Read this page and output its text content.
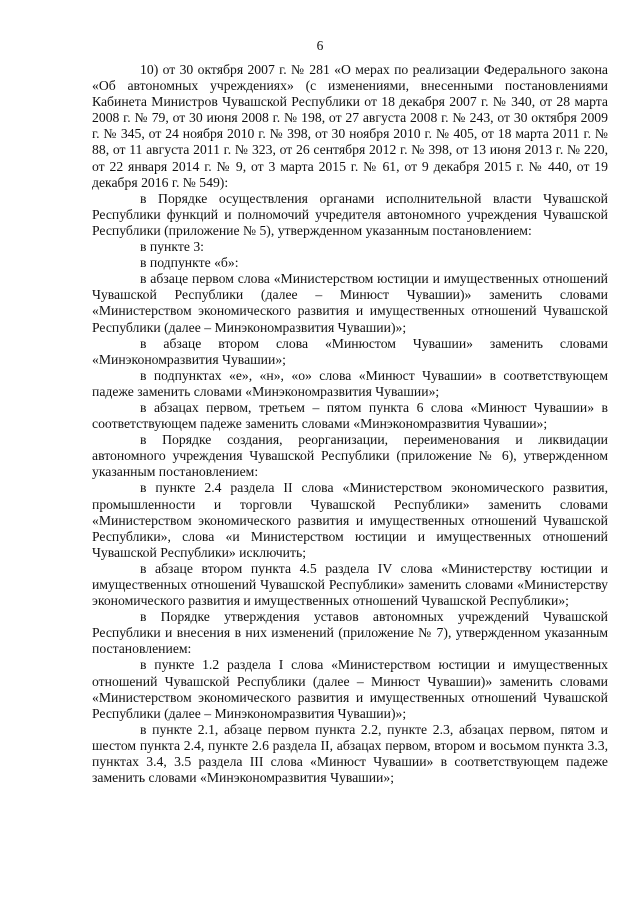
6

10) от 30 октября 2007 г. № 281 «О мерах по реализации Федерального закона «Об автономных учреждениях» (с изменениями, внесенными постановлениями Кабинета Министров Чувашской Республики от 18 декабря 2007 г. № 340, от 28 марта 2008 г. № 79, от 30 июня 2008 г. № 198, от 27 августа 2008 г. № 243, от 30 октября 2009 г. № 345, от 24 ноября 2010 г. № 398, от 30 ноября 2010 г. № 405, от 18 марта 2011 г. № 88, от 11 августа 2011 г. № 323, от 26 сентября 2012 г. № 398, от 13 июня 2013 г. № 220, от 22 января 2014 г. № 9, от 3 марта 2015 г. № 61, от 9 декабря 2015 г. № 440, от 19 декабря 2016 г. № 549):

в Порядке осуществления органами исполнительной власти Чувашской Республики функций и полномочий учредителя автономного учреждения Чувашской Республики (приложение № 5), утвержденном указанным постановлением:

в пункте 3:

в подпункте «б»:

в абзаце первом слова «Министерством юстиции и имущественных отношений Чувашской Республики (далее – Минюст Чувашии)» заменить словами «Министерством экономического развития и имущественных отношений Чувашской Республики (далее – Минэкономразвития Чувашии)»;

в абзаце втором слова «Минюстом Чувашии» заменить словами «Минэкономразвития Чувашии»;

в подпунктах «е», «н», «о» слова «Минюст Чувашии» в соответствующем падеже заменить словами «Минэкономразвития Чувашии»;

в абзацах первом, третьем – пятом пункта 6 слова «Минюст Чувашии» в соответствующем падеже заменить словами «Минэкономразвития Чувашии»;

в Порядке создания, реорганизации, переименования и ликвидации автономного учреждения Чувашской Республики (приложение № 6), утвержденном указанным постановлением:

в пункте 2.4 раздела II слова «Министерством экономического развития, промышленности и торговли Чувашской Республики» заменить словами «Министерством экономического развития и имущественных отношений Чувашской Республики», слова «и Министерством юстиции и имущественных отношений Чувашской Республики» исключить;

в абзаце втором пункта 4.5 раздела IV слова «Министерству юстиции и имущественных отношений Чувашской Республики» заменить словами «Министерству экономического развития и имущественных отношений Чувашской Республики»;

в Порядке утверждения уставов автономных учреждений Чувашской Республики и внесения в них изменений (приложение № 7), утвержденном указанным постановлением:

в пункте 1.2 раздела I слова «Министерством юстиции и имущественных отношений Чувашской Республики (далее – Минюст Чувашии)» заменить словами «Министерством экономического развития и имущественных отношений Чувашской Республики (далее – Минэкономразвития Чувашии)»;

в пункте 2.1, абзаце первом пункта 2.2, пункте 2.3, абзацах первом, пятом и шестом пункта 2.4, пункте 2.6 раздела II, абзацах первом, втором и восьмом пункта 3.3, пунктах 3.4, 3.5 раздела III слова «Минюст Чувашии» в соответствующем падеже заменить словами «Минэкономразвития Чувашии»;
